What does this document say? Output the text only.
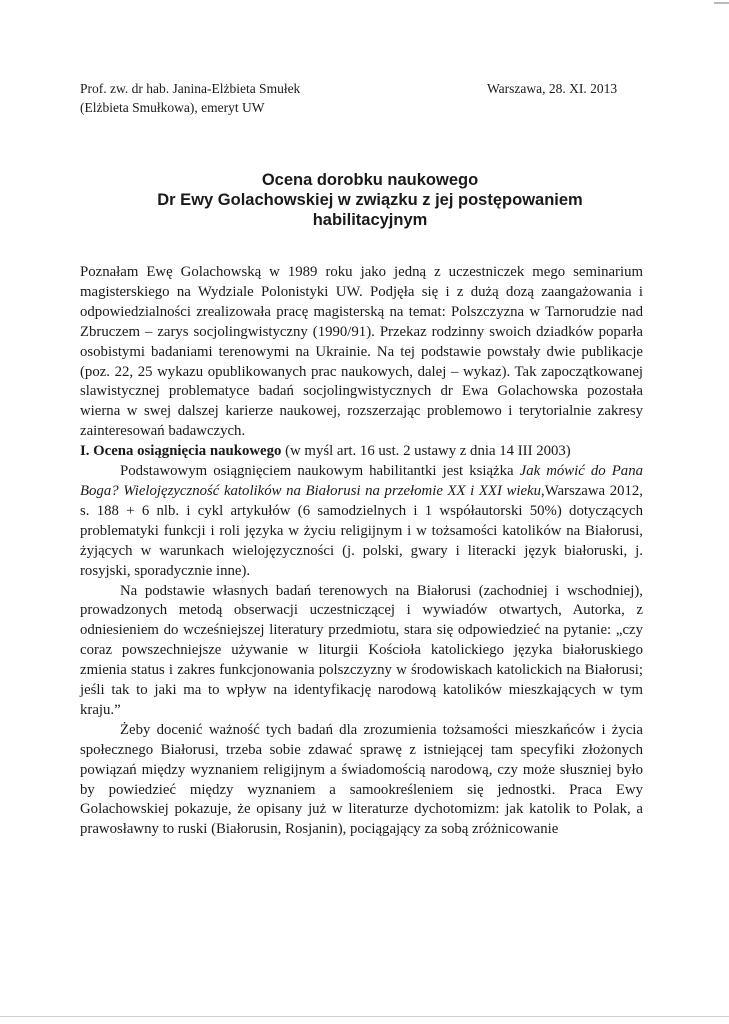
Prof. zw. dr hab. Janina-Elżbieta Smułek
(Elżbieta Smułkowa), emeryt UW
Warszawa, 28. XI. 2013
Ocena dorobku naukowego
Dr Ewy Golachowskiej w związku z jej postępowaniem
habilitacyjnym

Poznałam Ewę Golachowską w 1989 roku jako jedną z uczestniczek mego seminarium magisterskiego na Wydziale Polonistyki UW. Podjęła się i z dużą dozą zaangażowania i odpowiedzialności zrealizowała pracę magisterską na temat: Polszczyzna w Tarnorudzie nad Zbruczem – zarys socjolingwistyczny (1990/91). Przekaz rodzinny swoich dziadków poparła osobistymi badaniami terenowymi na Ukrainie. Na tej podstawie powstały dwie publikacje (poz. 22, 25 wykazu opublikowanych prac naukowych, dalej – wykaz). Tak zapoczątkowanej slawistycznej problematyce badań socjolingwistycznych dr Ewa Golachowska pozostała wierna w swej dalszej karierze naukowej, rozszerzając problemowo i terytorialnie zakresy zainteresowań badawczych.

I. Ocena osiągnięcia naukowego (w myśl art. 16 ust. 2 ustawy z dnia 14 III 2003)

Podstawowym osiągnięciem naukowym habilitantki jest książka Jak mówić do Pana Boga? Wielojęzyczność katolików na Białorusi na przełomie XX i XXI wieku,Warszawa 2012, s. 188 + 6 nlb. i cykl artykułów (6 samodzielnych i 1 współautorski 50%) dotyczących problematyki funkcji i roli języka w życiu religijnym i w tożsamości katolików na Białorusi, żyjących w warunkach wielojęzyczności (j. polski, gwary i literacki język białoruski, j. rosyjski, sporadycznie inne).

Na podstawie własnych badań terenowych na Białorusi (zachodniej i wschodniej), prowadzonych metodą obserwacji uczestniczącej i wywiadów otwartych, Autorka, z odniesieniem do wcześniejszej literatury przedmiotu, stara się odpowiedzieć na pytanie: „czy coraz powszechniejsze używanie w liturgii Kościoła katolickiego języka białoruskiego zmienia status i zakres funkcjonowania polszczyzny w środowiskach katolickich na Białorusi; jeśli tak to jaki ma to wpływ na identyfikację narodową katolików mieszkających w tym kraju.”

Żeby docenić ważność tych badań dla zrozumienia tożsamości mieszkańców i życia społecznego Białorusi, trzeba sobie zdawać sprawę z istniejącej tam specyfiki złożonych powiązań między wyznaniem religijnym a świadomością narodową, czy może słuszniej było by powiedzieć między wyznaniem a samookreśleniem się jednostki. Praca Ewy Golachowskiej pokazuje, że opisany już w literaturze dychotomizm: jak katolik to Polak, a prawosławny to ruski (Białorusin, Rosjanin), pociągający za sobą zróżnicowanie
